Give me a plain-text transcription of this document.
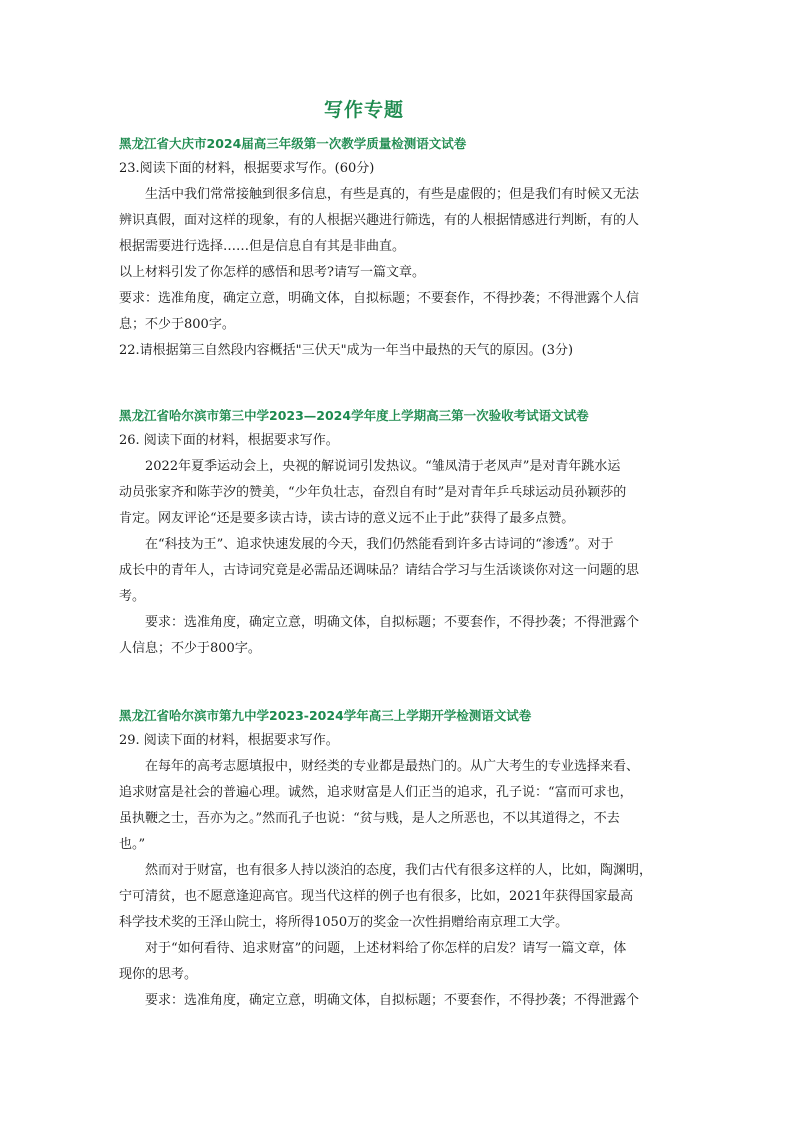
写作专题
黑龙江省大庆市2024届高三年级第一次教学质量检测语文试卷
23.阅读下面的材料，根据要求写作。(60分)
生活中我们常常接触到很多信息，有些是真的，有些是虚假的；但是我们有时候又无法
辨识真假，面对这样的现象，有的人根据兴趣进行筛选，有的人根据情感进行判断，有的人
根据需要进行选择……但是信息自有其是非曲直。
以上材料引发了你怎样的感悟和思考?请写一篇文章。
要求：选准角度，确定立意，明确文体，自拟标题；不要套作，不得抄袭；不得泄露个人信
息；不少于800字。
22.请根据第三自然段内容概括"三伏天"成为一年当中最热的天气的原因。(3分)
黑龙江省哈尔滨市第三中学2023—2024学年度上学期高三第一次验收考试语文试卷
26. 阅读下面的材料，根据要求写作。
2022年夏季运动会上，央视的解说词引发热议。“雏凤清于老凤声”是对青年跳水运
动员张家齐和陈芋汐的赞美，“少年负壮志，奋烈自有时”是对青年乒乓球运动员孙颖莎的
肯定。网友评论“还是要多读古诗，读古诗的意义远不止于此”获得了最多点赞。
在“科技为王”、追求快速发展的今天，我们仍然能看到许多古诗词的“渗透”。对于
成长中的青年人，古诗词究竟是必需品还调味品？请结合学习与生活谈谈你对这一问题的思
考。
要求：选准角度，确定立意，明确文体，自拟标题；不要套作，不得抄袭；不得泄露个
人信息；不少于800字。
黑龙江省哈尔滨市第九中学2023-2024学年高三上学期开学检测语文试卷
29. 阅读下面的材料，根据要求写作。
在每年的高考志愿填报中，财经类的专业都是最热门的。从广大考生的专业选择来看、
追求财富是社会的普遍心理。诚然，追求财富是人们正当的追求，孔子说：“富而可求也，
虽执鞭之士，吾亦为之。”然而孔子也说：“贫与贱，是人之所恶也，不以其道得之，不去
也。”
然而对于财富，也有很多人持以淡泊的态度，我们古代有很多这样的人，比如，陶渊明，
宁可清贫，也不愿意逢迎高官。现当代这样的例子也有很多，比如，2021年获得国家最高
科学技术奖的王泽山院士，将所得1050万的奖金一次性捐赠给南京理工大学。
对于“如何看待、追求财富”的问题，上述材料给了你怎样的启发？请写一篇文章，体
现你的思考。
要求：选准角度，确定立意，明确文体，自拟标题；不要套作，不得抄袭；不得泄露个
